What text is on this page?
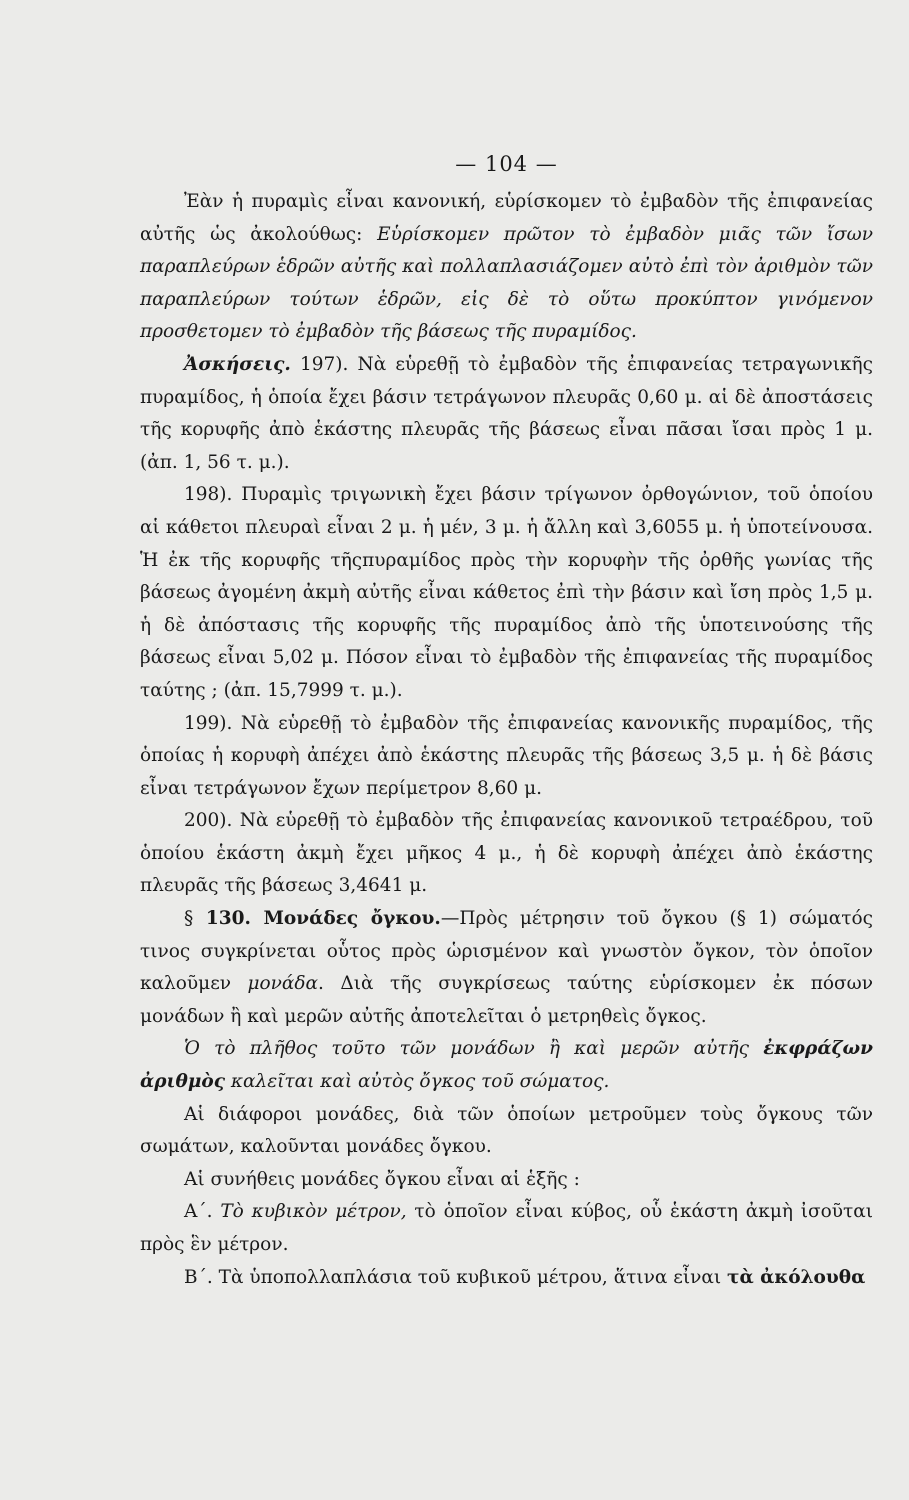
— 104 —

Ἐὰν ἡ πυραμὶς εἶναι κανονική, εὑρίσκομεν τὸ ἐμβαδὸν τῆς ἐπιφανείας αὐτῆς ὡς ἀκολούθως: Εὑρίσκομεν πρῶτον τὸ ἐμβαδὸν μιᾶς τῶν ἴσων παραπλεύρων ἑδρῶν αὐτῆς καὶ πολλαπλασιάζομεν αὐτὸ ἐπὶ τὸν ἀριθμὸν τῶν παραπλεύρων τούτων ἑδρῶν, εἰς δὲ τὸ οὕτω προκύπτον γινόμενον προσθετομεν τὸ ἐμβαδὸν τῆς βάσεως τῆς πυραμίδος.

Ἀσκήσεις. 197). Νὰ εὑρεθῇ τὸ ἐμβαδὸν τῆς ἐπιφανείας τετραγωνικῆς πυραμίδος, ἡ ὁποία ἔχει βάσιν τετράγωνον πλευρᾶς 0,60 μ. αἱ δὲ ἀποστάσεις τῆς κορυφῆς ἀπὸ ἑκάστης πλευρᾶς τῆς βάσεως εἶναι πᾶσαι ἴσαι πρὸς 1 μ. (ἀπ. 1, 56 τ. μ.).

198). Πυραμὶς τριγωνικὴ ἔχει βάσιν τρίγωνον ὀρθογώνιον, τοῦ ὁποίου αἱ κάθετοι πλευραὶ εἶναι 2 μ. ἡ μέν, 3 μ. ἡ ἄλλη καὶ 3,6055 μ. ἡ ὑποτείνουσα. Ἡ ἐκ τῆς κορυφῆς τῆςπυραμίδος πρὸς τὴν κορυφὴν τῆς ὀρθῆς γωνίας τῆς βάσεως ἀγομένη ἀκμὴ αὐτῆς εἶναι κάθετος ἐπὶ τὴν βάσιν καὶ ἴση πρὸς 1,5 μ. ἡ δὲ ἀπόστασις τῆς κορυφῆς τῆς πυραμίδος ἀπὸ τῆς ὑποτεινούσης τῆς βάσεως εἶναι 5,02 μ. Πόσον εἶναι τὸ ἐμβαδὸν τῆς ἐπιφανείας τῆς πυραμίδος ταύτης ; (ἀπ. 15,7999 τ. μ.).

199). Νὰ εὑρεθῇ τὸ ἐμβαδὸν τῆς ἐπιφανείας κανονικῆς πυραμίδος, τῆς ὁποίας ἡ κορυφὴ ἀπέχει ἀπὸ ἑκάστης πλευρᾶς τῆς βάσεως 3,5 μ. ἡ δὲ βάσις εἶναι τετράγωνον ἔχων περίμετρον 8,60 μ.

200). Νὰ εὑρεθῇ τὸ ἐμβαδὸν τῆς ἐπιφανείας κανονικοῦ τετραέδρου, τοῦ ὁποίου ἑκάστη ἀκμὴ ἔχει μῆκος 4 μ., ἡ δὲ κορυφὴ ἀπέχει ἀπὸ ἑκάστης πλευρᾶς τῆς βάσεως 3,4641 μ.

§ 130. Μονάδες ὄγκου.—Πρὸς μέτρησιν τοῦ ὄγκου (§ 1) σώματός τινος συγκρίνεται οὗτος πρὸς ὡρισμένον καὶ γνωστὸν ὄγκον, τὸν ὁποῖον καλοῦμεν μονάδα. Διὰ τῆς συγκρίσεως ταύτης εὑρίσκομεν ἐκ πόσων μονάδων ἢ καὶ μερῶν αὐτῆς ἀποτελεῖται ὁ μετρηθεὶς ὄγκος.

Ὁ τὸ πλῆθος τοῦτο τῶν μονάδων ἢ καὶ μερῶν αὐτῆς ἐκφράζων ἀριθμὸς καλεῖται καὶ αὐτὸς ὄγκος τοῦ σώματος.

Αἱ διάφοροι μονάδες, διὰ τῶν ὁποίων μετροῦμεν τοὺς ὄγκους τῶν σωμάτων, καλοῦνται μονάδες ὄγκου.

Αἱ συνήθεις μονάδες ὄγκου εἶναι αἱ ἑξῆς :

Α΄. Τὸ κυβικὸν μέτρον, τὸ ὁποῖον εἶναι κύβος, οὗ ἑκάστη ἀκμὴ ἰσοῦται πρὸς ἓν μέτρον.

Β΄. Τὰ ὑποπολλαπλάσια τοῦ κυβικοῦ μέτρου, ἅτινα εἶναι τὰ ἀκόλουθα
